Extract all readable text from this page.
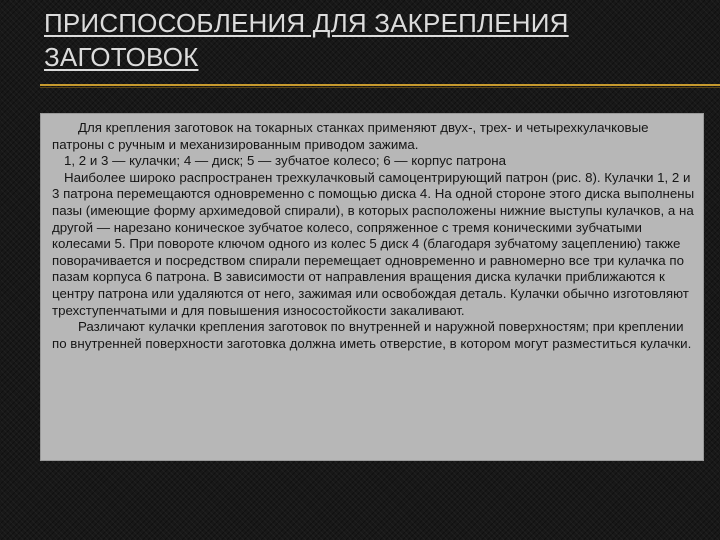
ПРИСПОСОБЛЕНИЯ ДЛЯ ЗАКРЕПЛЕНИЯ
ЗАГОТОВОК

Для крепления заготовок на токарных станках применяют двух-, трех- и четырехкулачковые патроны с ручным и механизированным приводом зажима.

1, 2 и 3 — кулачки; 4 — диск; 5 — зубчатое колесо; 6 — корпус патрона

Наиболее широко распространен трехкулачковый самоцентрирующий патрон (рис. 8). Кулачки 1, 2 и 3 патрона перемещаются одновременно с помощью диска 4. На одной стороне этого диска выполнены пазы (имеющие форму архимедовой спирали), в которых расположены нижние выступы кулачков, а на другой — нарезано коническое зубчатое колесо, сопряженное с тремя коническими зубчатыми колесами 5. При повороте ключом одного из колес 5 диск 4 (благодаря зубчатому зацеплению) также поворачивается и посредством спирали перемещает одновременно и равномерно все три кулачка по пазам корпуса 6 патрона. В зависимости от направления вращения диска кулачки приближаются к центру патрона или удаляются от него, зажимая или освобождая деталь. Кулачки обычно изготовляют трехступенчатыми и для повышения износостойкости закаливают.

Различают кулачки крепления заготовок по внутренней и наружной поверхностям; при креплении по внутренней поверхности заготовка должна иметь отверстие, в котором могут разместиться кулачки.
